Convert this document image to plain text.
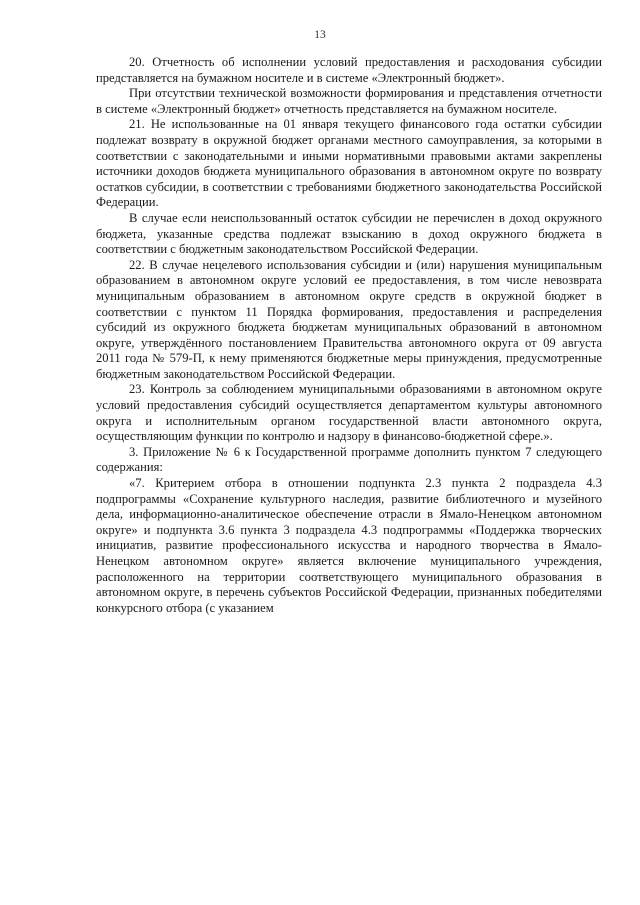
13

20. Отчетность об исполнении условий предоставления и расходования субсидии представляется на бумажном носителе и в системе «Электронный бюджет».

При отсутствии технической возможности формирования и представления отчетности в системе «Электронный бюджет» отчетность представляется на бумажном носителе.

21. Не использованные на 01 января текущего финансового года остатки субсидии подлежат возврату в окружной бюджет органами местного самоуправления, за которыми в соответствии с законодательными и иными нормативными правовыми актами закреплены источники доходов бюджета муниципального образования в автономном округе по возврату остатков субсидии, в соответствии с требованиями бюджетного законодательства Российской Федерации.

В случае если неиспользованный остаток субсидии не перечислен в доход окружного бюджета, указанные средства подлежат взысканию в доход окружного бюджета в соответствии с бюджетным законодательством Российской Федерации.

22. В случае нецелевого использования субсидии и (или) нарушения муниципальным образованием в автономном округе условий ее предоставления, в том числе невозврата муниципальным образованием в автономном округе средств в окружной бюджет в соответствии с пунктом 11 Порядка формирования, предоставления и распределения субсидий из окружного бюджета бюджетам муниципальных образований в автономном округе, утверждённого постановлением Правительства автономного округа от 09 августа 2011 года № 579-П, к нему применяются бюджетные меры принуждения, предусмотренные бюджетным законодательством Российской Федерации.

23. Контроль за соблюдением муниципальными образованиями в автономном округе условий предоставления субсидий осуществляется департаментом культуры автономного округа и исполнительным органом государственной власти автономного округа, осуществляющим функции по контролю и надзору в финансово-бюджетной сфере.».

3. Приложение № 6 к Государственной программе дополнить пунктом 7 следующего содержания:

«7. Критерием отбора в отношении подпункта 2.3 пункта 2 подраздела 4.3 подпрограммы «Сохранение культурного наследия, развитие библиотечного и музейного дела, информационно-аналитическое обеспечение отрасли в Ямало-Ненецком автономном округе» и подпункта 3.6 пункта 3 подраздела 4.3 подпрограммы «Поддержка творческих инициатив, развитие профессионального искусства и народного творчества в Ямало-Ненецком автономном округе» является включение муниципального учреждения, расположенного на территории соответствующего муниципального образования в автономном округе, в перечень субъектов Российской Федерации, признанных победителями конкурсного отбора (с указанием
